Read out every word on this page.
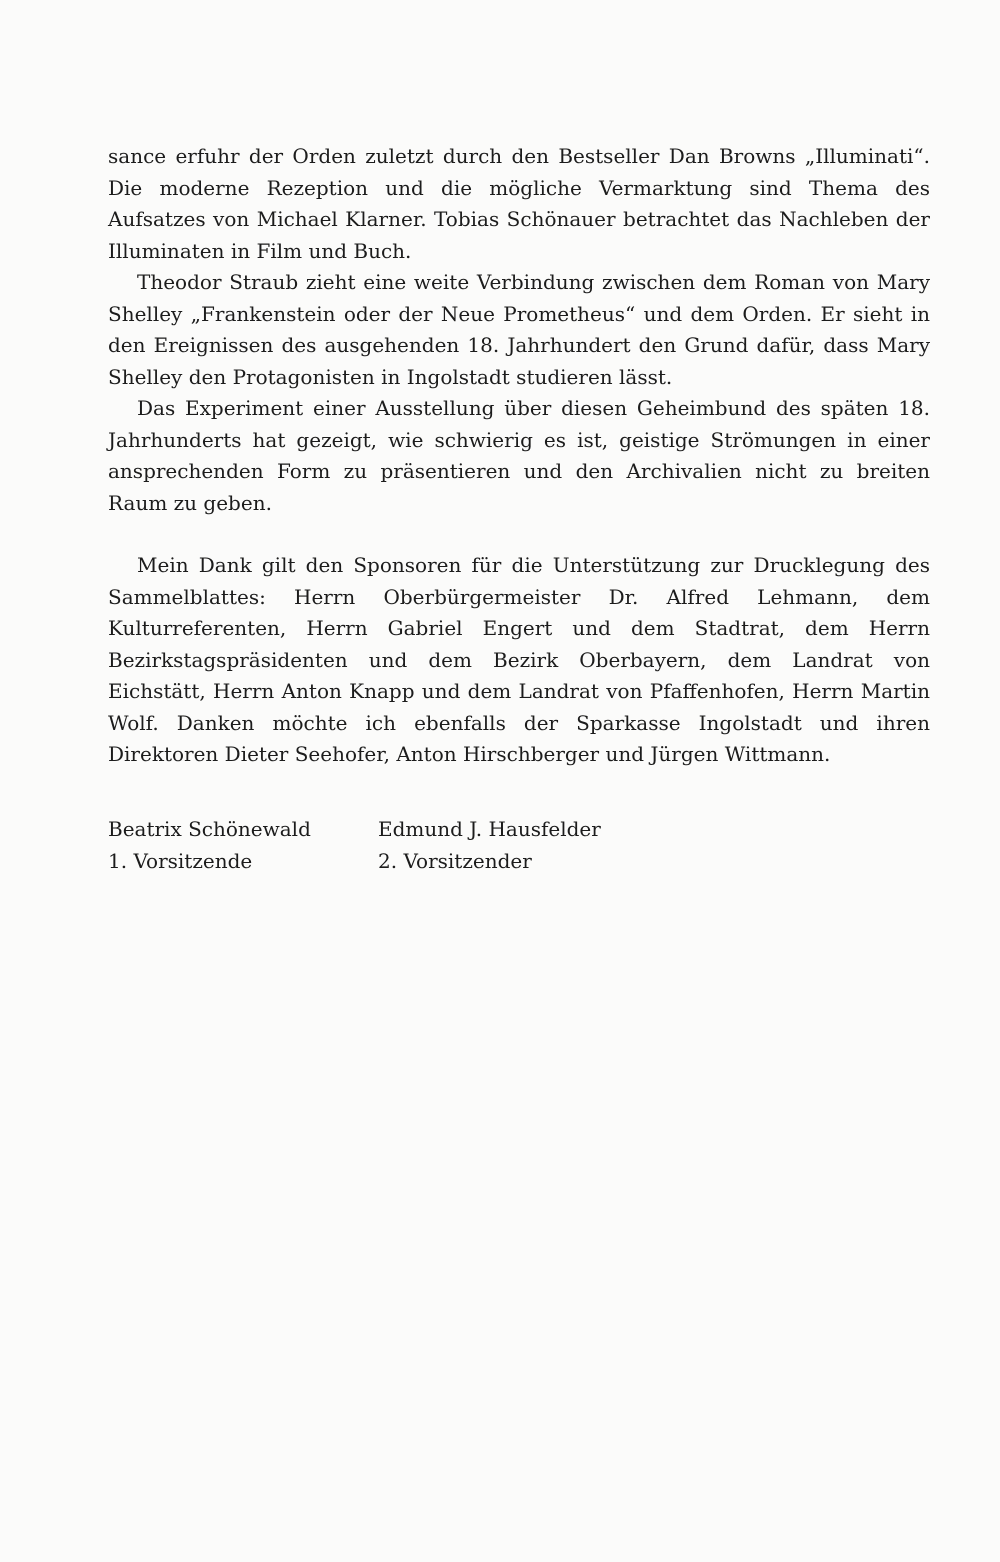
sance erfuhr der Orden zuletzt durch den Bestseller Dan Browns „Illuminati“. Die moderne Rezeption und die mögliche Vermarktung sind Thema des Aufsatzes von Michael Klarner. Tobias Schönauer betrachtet das Nachleben der Illuminaten in Film und Buch.

Theodor Straub zieht eine weite Verbindung zwischen dem Roman von Mary Shelley „Frankenstein oder der Neue Prometheus“ und dem Orden. Er sieht in den Ereignissen des ausgehenden 18. Jahrhundert den Grund dafür, dass Mary Shelley den Protagonisten in Ingolstadt studieren lässt.

Das Experiment einer Ausstellung über diesen Geheimbund des späten 18. Jahrhunderts hat gezeigt, wie schwierig es ist, geistige Strömungen in einer ansprechenden Form zu präsentieren und den Archivalien nicht zu breiten Raum zu geben.

Mein Dank gilt den Sponsoren für die Unterstützung zur Drucklegung des Sammelblattes: Herrn Oberbürgermeister Dr. Alfred Lehmann, dem Kulturreferenten, Herrn Gabriel Engert und dem Stadtrat, dem Herrn Bezirkstagspräsidenten und dem Bezirk Oberbayern, dem Landrat von Eichstätt, Herrn Anton Knapp und dem Landrat von Pfaffenhofen, Herrn Martin Wolf. Danken möchte ich ebenfalls der Sparkasse Ingolstadt und ihren Direktoren Dieter Seehofer, Anton Hirschberger und Jürgen Wittmann.

Beatrix Schönewald
1. Vorsitzende
Edmund J. Hausfelder
2. Vorsitzender
